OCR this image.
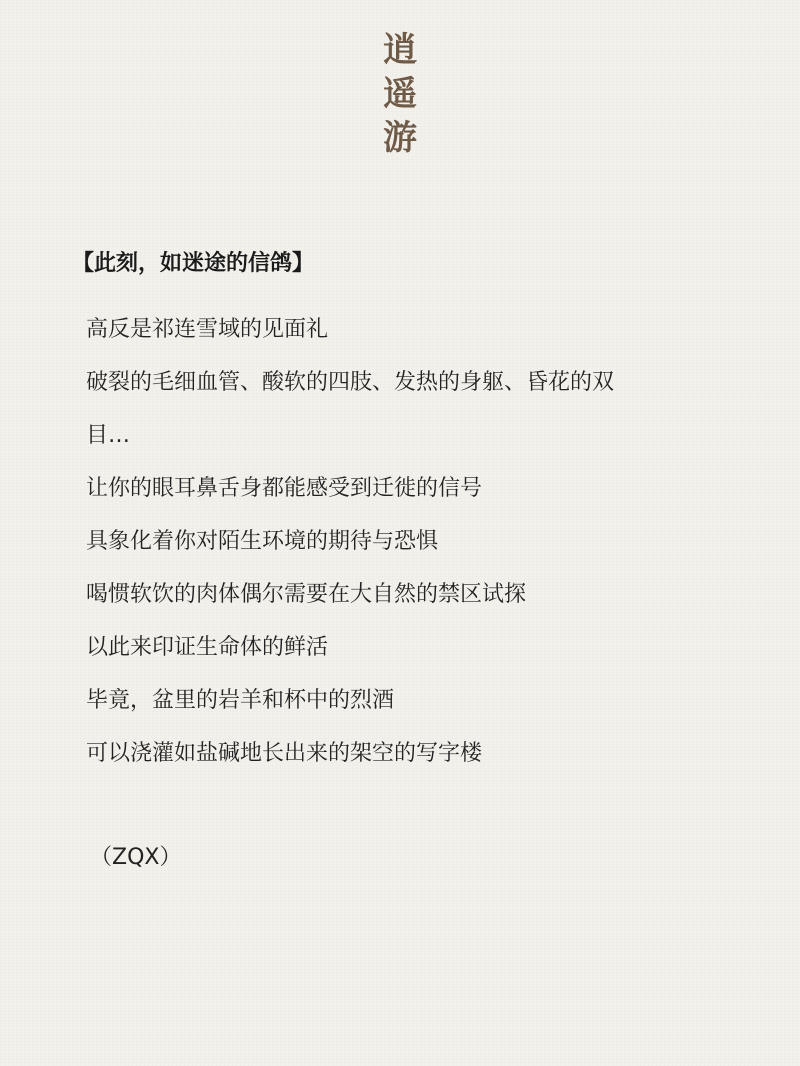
逍
遥
游
【此刻，如迷途的信鸽】
高反是祁连雪域的见面礼
破裂的毛细血管、酸软的四肢、发热的身躯、昏花的双
目…
让你的眼耳鼻舌身都能感受到迁徙的信号
具象化着你对陌生环境的期待与恐惧
喝惯软饮的肉体偶尔需要在大自然的禁区试探
以此来印证生命体的鲜活
毕竟，盆里的岩羊和杯中的烈酒
可以浇灌如盐碱地长出来的架空的写字楼
（ZQX）
